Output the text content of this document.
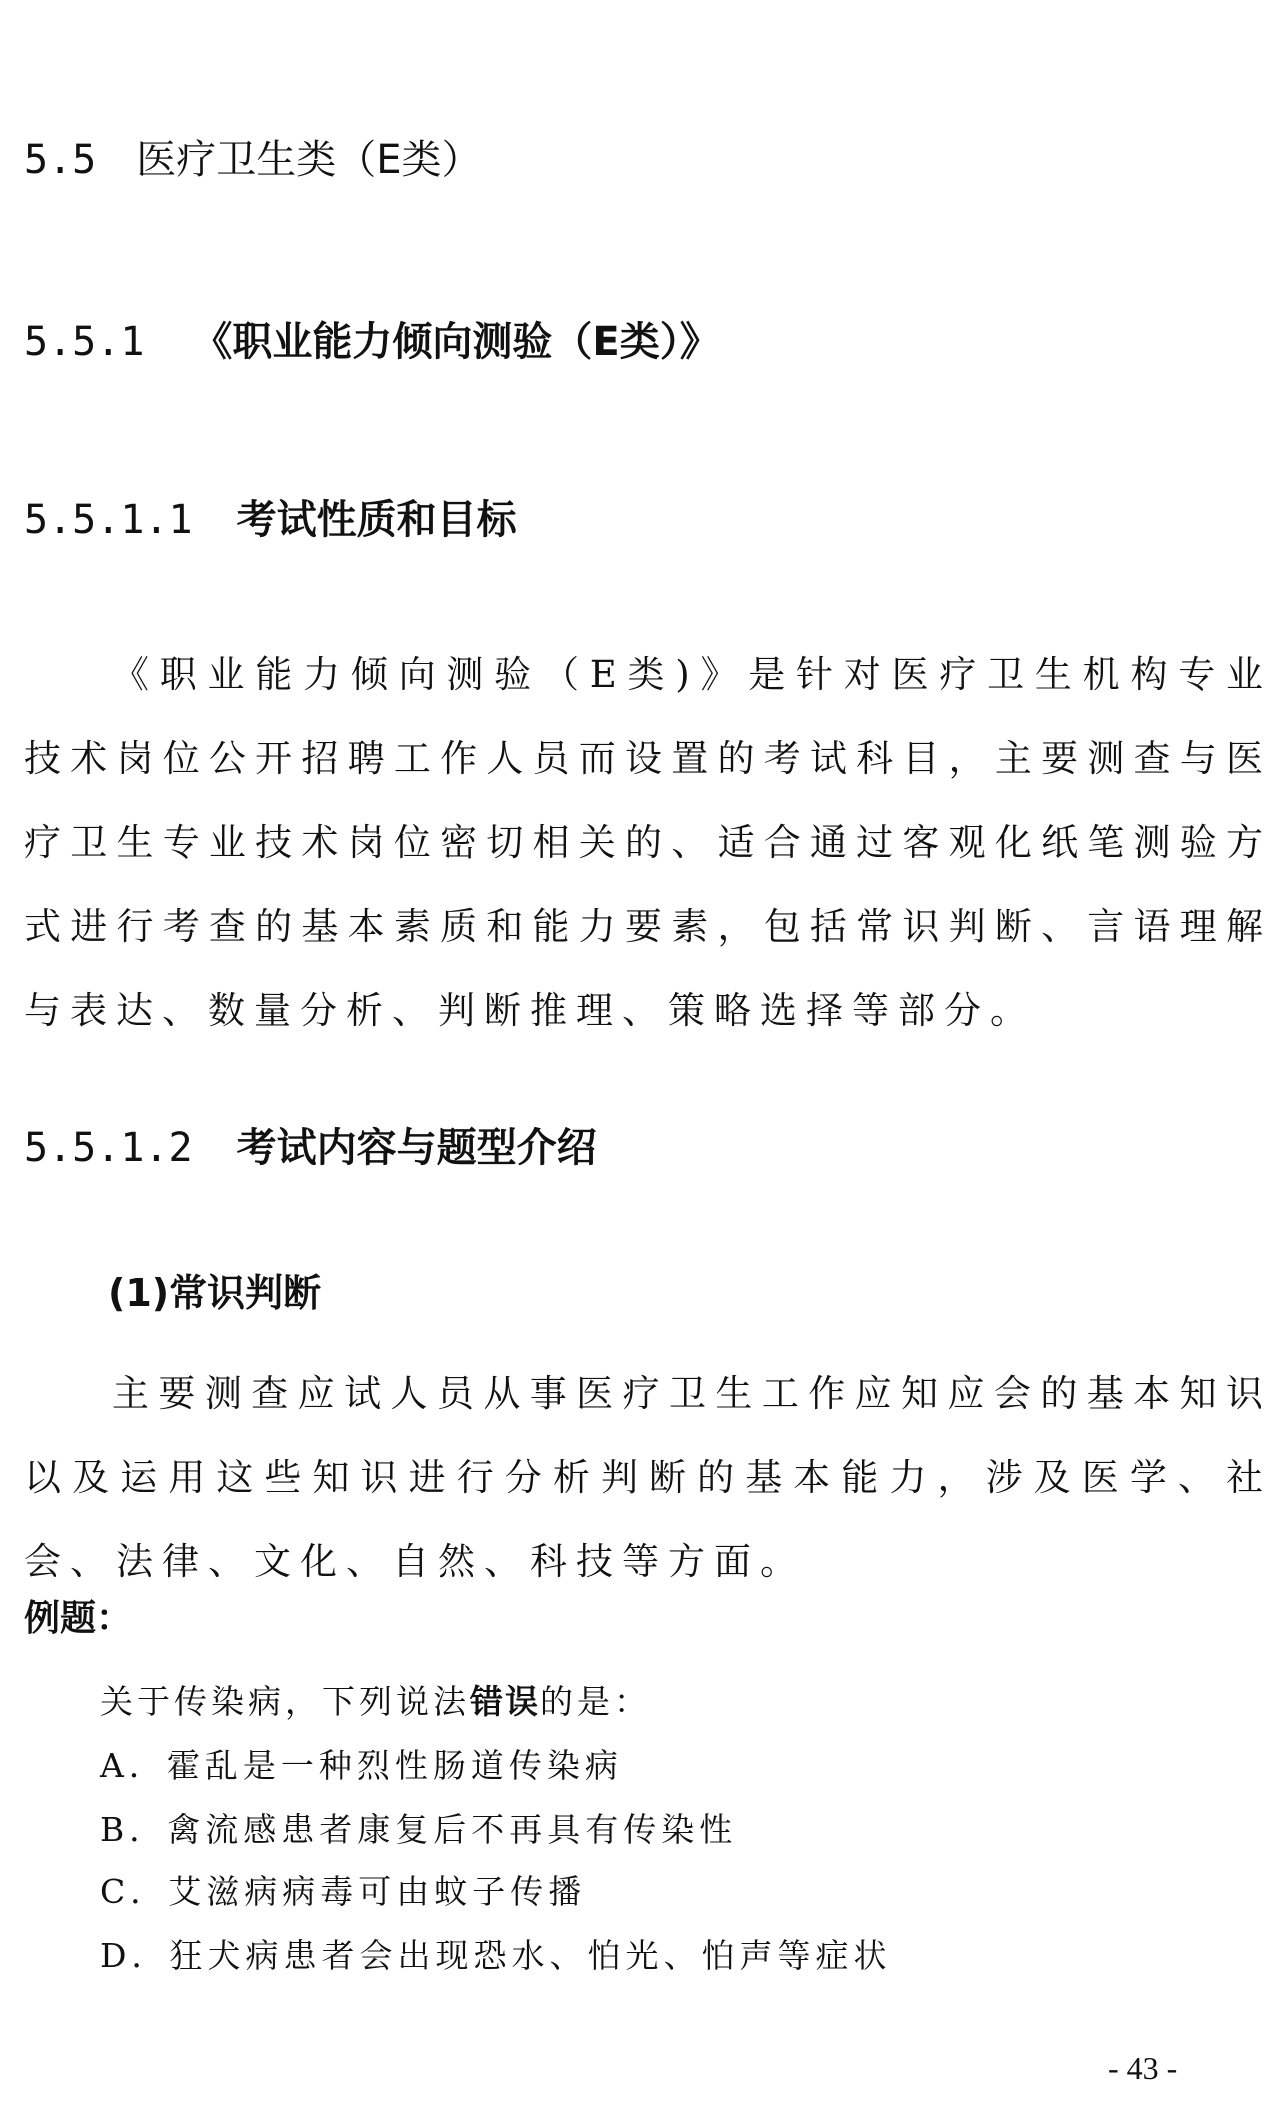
5.5 医疗卫生类（E类）
5.5.1 《职业能力倾向测验（E类）》
5.5.1.1 考试性质和目标

《职业能力倾向测验（E类)》是针对医疗卫生机构专业技术岗位公开招聘工作人员而设置的考试科目，主要测查与医疗卫生专业技术岗位密切相关的、适合通过客观化纸笔测验方式进行考查的基本素质和能力要素，包括常识判断、言语理解与表达、数量分析、判断推理、策略选择等部分。

5.5.1.2 考试内容与题型介绍

(1)常识判断

主要测查应试人员从事医疗卫生工作应知应会的基本知识以及运用这些知识进行分析判断的基本能力，涉及医学、社会、法律、文化、自然、科技等方面。

例题：

关于传染病，下列说法错误的是：

A．霍乱是一种烈性肠道传染病

B．禽流感患者康复后不再具有传染性

C．艾滋病病毒可由蚊子传播

D．狂犬病患者会出现恐水、怕光、怕声等症状

- 43 -
